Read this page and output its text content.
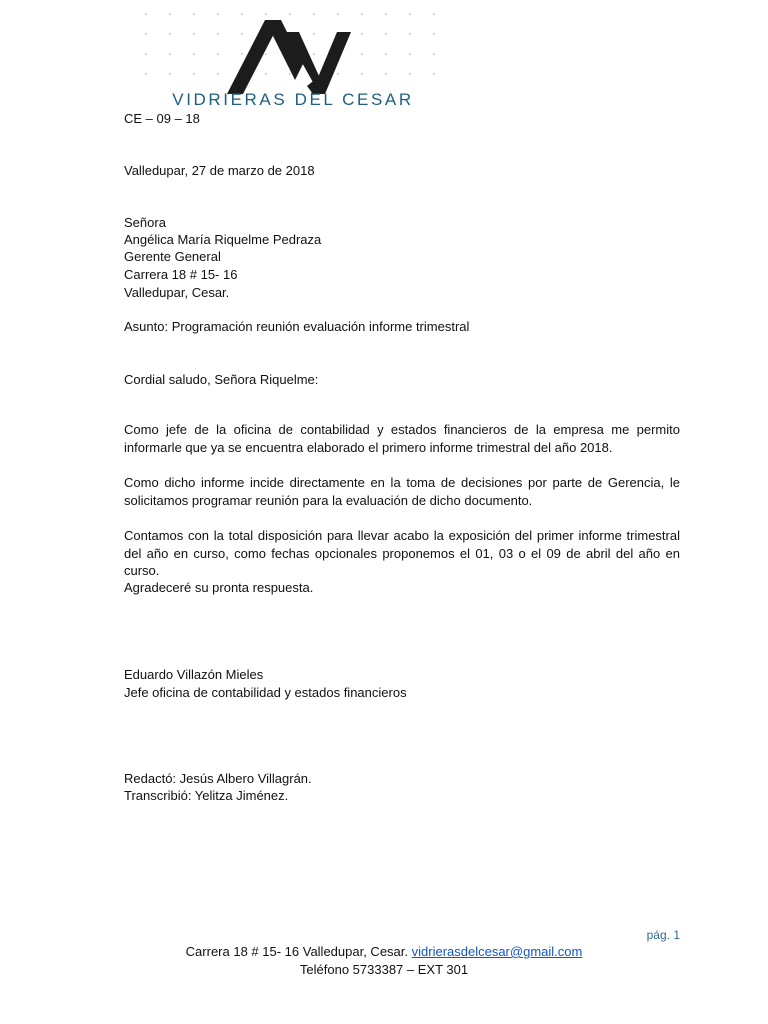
VIDRIERAS DEL CESAR
CE – 09 – 18
Valledupar, 27 de marzo de 2018
Señora
Angélica María Riquelme Pedraza
Gerente General
Carrera 18 # 15- 16
Valledupar, Cesar.
Asunto: Programación reunión evaluación informe trimestral
Cordial saludo, Señora Riquelme:

Como jefe de la oficina de contabilidad y estados financieros de la empresa me permito informarle que ya se encuentra elaborado el primero informe trimestral del año 2018.

Como dicho informe incide directamente en la toma de decisiones por parte de Gerencia, le solicitamos programar reunión para la evaluación de dicho documento.

Contamos con la total disposición para llevar acabo la exposición del primer informe trimestral del año en curso, como fechas opcionales proponemos el 01, 03 o el 09 de abril del año en curso.

Agradeceré su pronta respuesta.

Eduardo Villazón Mieles
Jefe oficina de contabilidad y estados financieros
Redactó: Jesús Albero Villagrán.
Transcribió: Yelitza Jiménez.
pág. 1
Carrera 18 # 15- 16 Valledupar, Cesar. vidrierasdelcesar@gmail.com
Teléfono 5733387 – EXT 301
